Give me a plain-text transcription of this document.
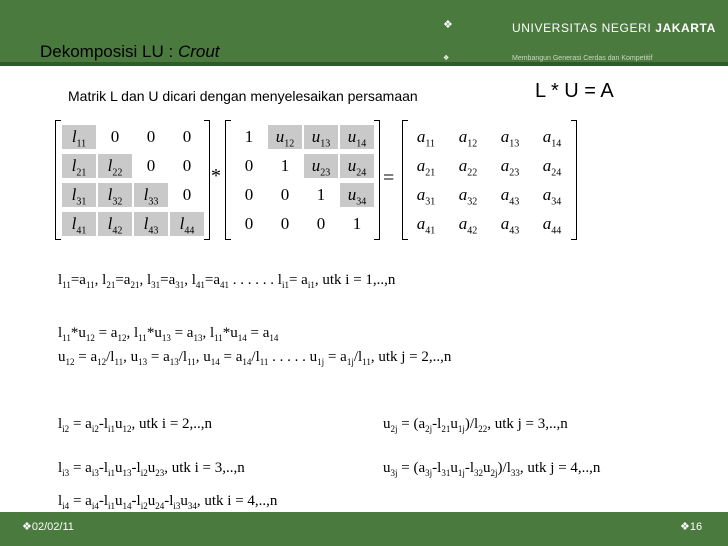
❖
❖
UNIVERSITAS NEGERI JAKARTA
Membangun Generasi Cerdas dan Kompetitif
Dekomposisi LU : Crout
Matrik L dan U dicari dengan menyelesaikan persamaan	L * U = A
$l_{11}$	0	0	0
$l_{21}$	$l_{22}$	0	0
$l_{31}$	$l_{32}$	$l_{33}$	0
$l_{41}$	$l_{42}$	$l_{43}$	$l_{44}$
*
1	$u_{12}$	$u_{13}$	$u_{14}$
0	1	$u_{23}$	$u_{24}$
0	0	1	$u_{34}$
0	0	0	1
=
$a_{11}$	$a_{12}$	$a_{13}$	$a_{14}$
$a_{21}$	$a_{22}$	$a_{23}$	$a_{24}$
$a_{31}$	$a_{32}$	$a_{43}$	$a_{34}$
$a_{41}$	$a_{42}$	$a_{43}$	$a_{44}$
$l_{11}=a_{11}$, $l_{21}=a_{21}$, $l_{31}=a_{31}$, $l_{41}=a_{41}$ . . . . . . $l_{i1}= a_{i1}$, utk i = 1,..,n
$l_{11}*u_{12} = a_{12}$, $l_{11}*u_{13} = a_{13}$, $l_{11}*u_{14} = a_{14}$
$u_{12} = a_{12}/l_{11}$, $u_{13} = a_{13}/l_{11}$, $u_{14} = a_{14}/l_{11}$ . . . . . $u_{1j} = a_{1j}/l_{11}$, utk j = 2,..,n
$l_{i2} = a_{i2}-l_{i1}u_{12}$, utk i = 2,..,n	$u_{2j} = (a_{2j}-l_{21}u_{1j})/l_{22}$, utk j = 3,..,n
$l_{i3} = a_{i3}-l_{i1}u_{13}-l_{i2}u_{23}$, utk i = 3,..,n	$u_{3j} = (a_{3j}-l_{31}u_{1j}-l_{32}u_{2j})/l_{33}$, utk j = 4,..,n
$l_{i4} = a_{i4}-l_{i1}u_{14}-l_{i2}u_{24}-l_{i3}u_{34}$, utk i = 4,..,n
❖02/02/11	❖16
